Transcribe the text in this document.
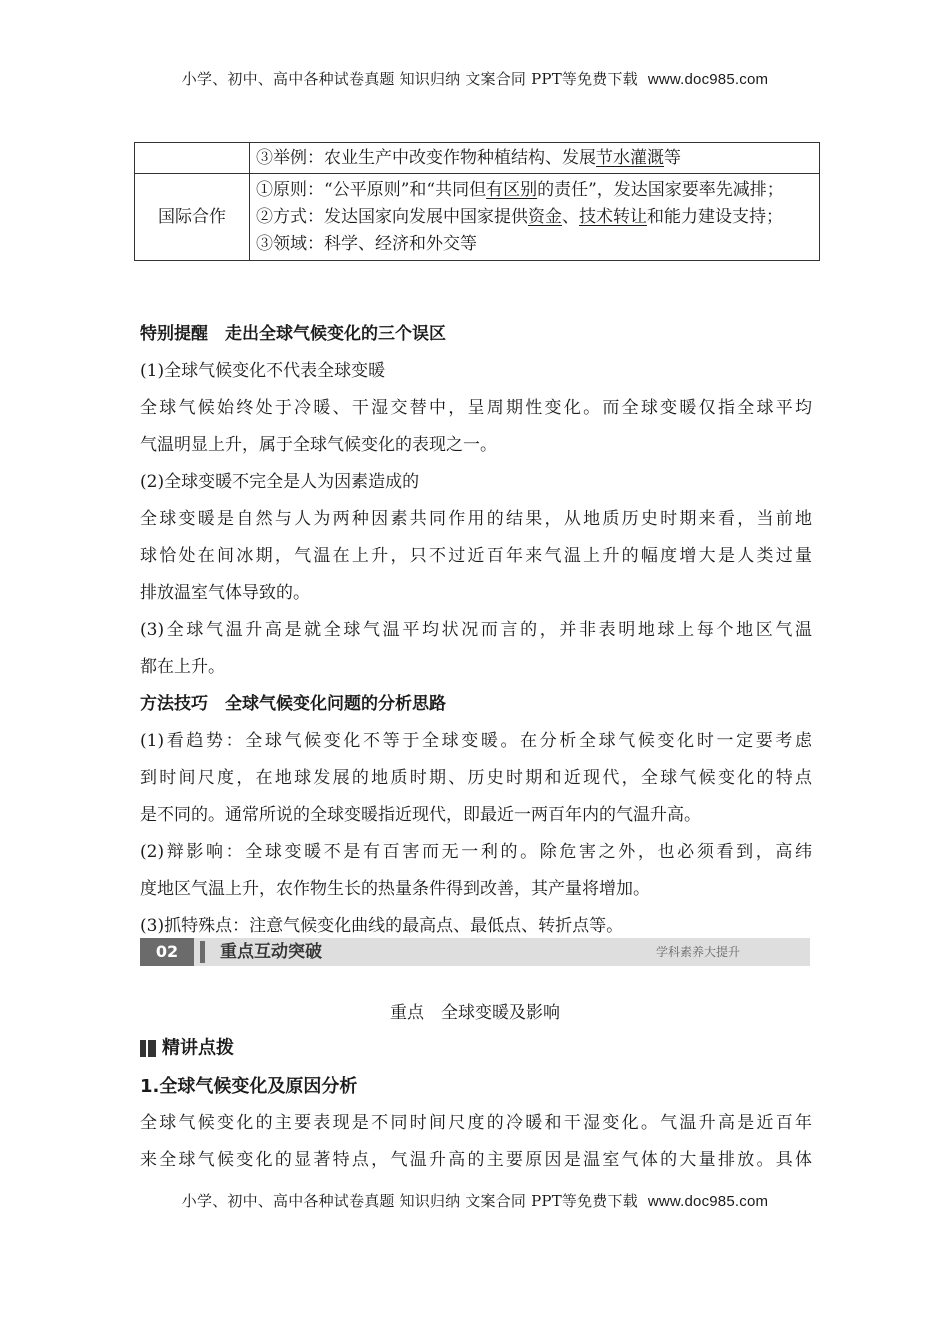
小学、初中、高中各种试卷真题 知识归纳 文案合同 PPT等免费下载 www.doc985.com
	③举例：农业生产中改变作物种植结构、发展节水灌溉等
国际合作	①原则：“公平原则”和“共同但有区别的责任”，发达国家要率先减排；
②方式：发达国家向发展中国家提供资金、技术转让和能力建设支持；
③领域：科学、经济和外交等
特别提醒　走出全球气候变化的三个误区
(1)全球气候变化不代表全球变暖
全球气候始终处于冷暖、干湿交替中，呈周期性变化。而全球变暖仅指全球平均
气温明显上升，属于全球气候变化的表现之一。
(2)全球变暖不完全是人为因素造成的
全球变暖是自然与人为两种因素共同作用的结果，从地质历史时期来看，当前地
球恰处在间冰期，气温在上升，只不过近百年来气温上升的幅度增大是人类过量
排放温室气体导致的。
(3)全球气温升高是就全球气温平均状况而言的，并非表明地球上每个地区气温
都在上升。
方法技巧　全球气候变化问题的分析思路
(1)看趋势：全球气候变化不等于全球变暖。在分析全球气候变化时一定要考虑
到时间尺度，在地球发展的地质时期、历史时期和近现代，全球气候变化的特点
是不同的。通常所说的全球变暖指近现代，即最近一两百年内的气温升高。
(2)辩影响：全球变暖不是有百害而无一利的。除危害之外，也必须看到，高纬
度地区气温上升，农作物生长的热量条件得到改善，其产量将增加。
(3)抓特殊点：注意气候变化曲线的最高点、最低点、转折点等。
02	重点互动突破	学科素养大提升
重点　全球变暖及影响
精讲点拨
1.全球气候变化及原因分析
全球气候变化的主要表现是不同时间尺度的冷暖和干湿变化。气温升高是近百年
来全球气候变化的显著特点，气温升高的主要原因是温室气体的大量排放。具体
小学、初中、高中各种试卷真题 知识归纳 文案合同 PPT等免费下载 www.doc985.com
